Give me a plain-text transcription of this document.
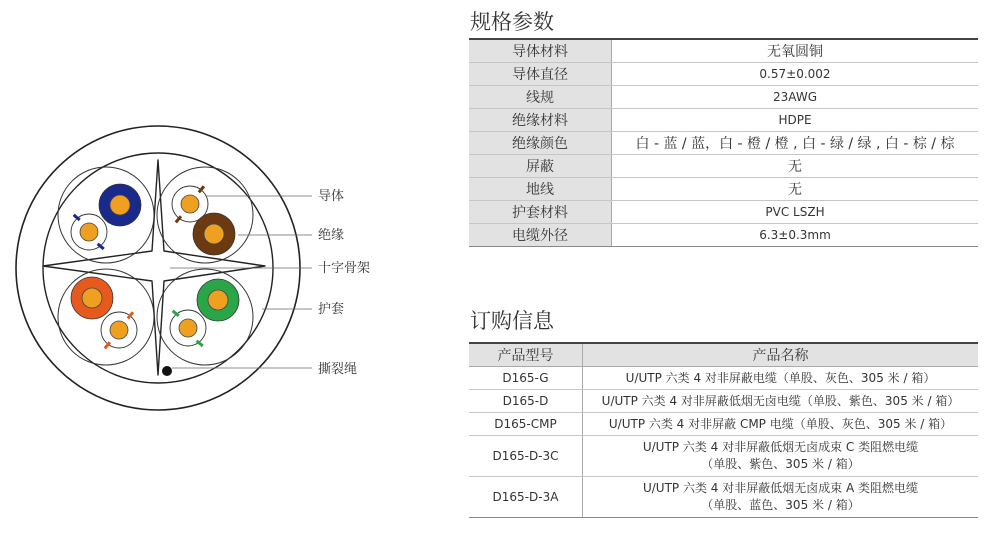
导体
绝缘
十字骨架
护套
撕裂绳
规格参数
导体材料	无氧圆铜
导体直径	0.57±0.002
线规	23AWG
绝缘材料	HDPE
绝缘颜色	白 - 蓝 / 蓝，白 - 橙 / 橙 , 白 - 绿 / 绿 , 白 - 棕 / 棕
屏蔽	无
地线	无
护套材料	PVC LSZH
电缆外径	6.3±0.3mm
订购信息
产品型号	产品名称
D165-G	U/UTP 六类 4 对非屏蔽电缆（单股、灰色、305 米 / 箱）

D165-D	U/UTP 六类 4 对非屏蔽低烟无卤电缆（单股、紫色、305 米 / 箱）

D165-CMP	U/UTP 六类 4 对非屏蔽 CMP 电缆（单股、灰色、305 米 / 箱）

D165-D-3C	U/UTP 六类 4 对非屏蔽低烟无卤成束 C 类阻燃电缆
（单股、紫色、305 米 / 箱）

D165-D-3A	U/UTP 六类 4 对非屏蔽低烟无卤成束 A 类阻燃电缆
（单股、蓝色、305 米 / 箱）
